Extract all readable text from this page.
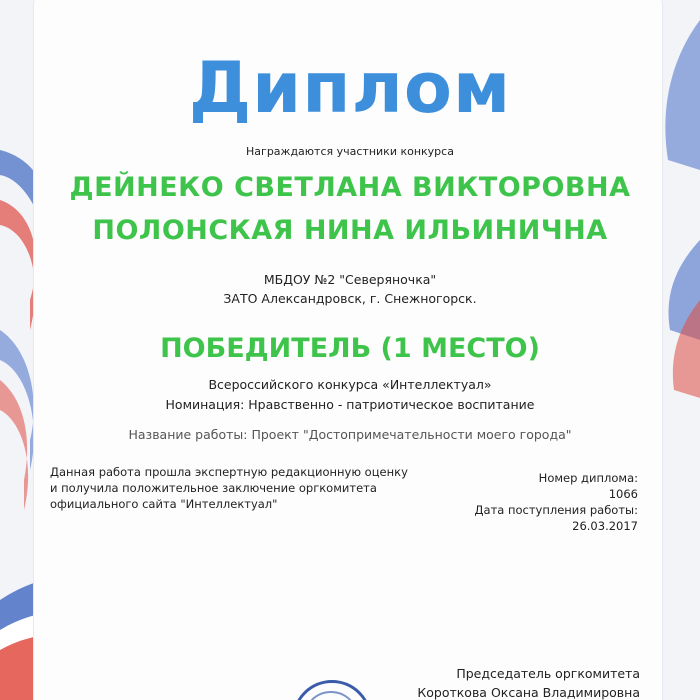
Диплом

Награждаются участники конкурса

ДЕЙНЕКО СВЕТЛАНА ВИКТОРОВНА

ПОЛОНСКАЯ НИНА ИЛЬИНИЧНА

МБДОУ №2 "Северяночка"

ЗАТО Александровск, г. Снежногорск.

ПОБЕДИТЕЛЬ (1 МЕСТО)

Всероссийского конкурса «Интеллектуал»

Номинация: Нравственно - патриотическое воспитание

Название работы: Проект "Достопримечательности моего города"

Данная работа прошла экспертную редакционную оценку
и получила положительное заключение оргкомитета
официального сайта "Интеллектуал"
Номер диплома:
1066
Дата поступления работы:
26.03.2017
Председатель оргкомитета
Короткова Оксана Владимировна
